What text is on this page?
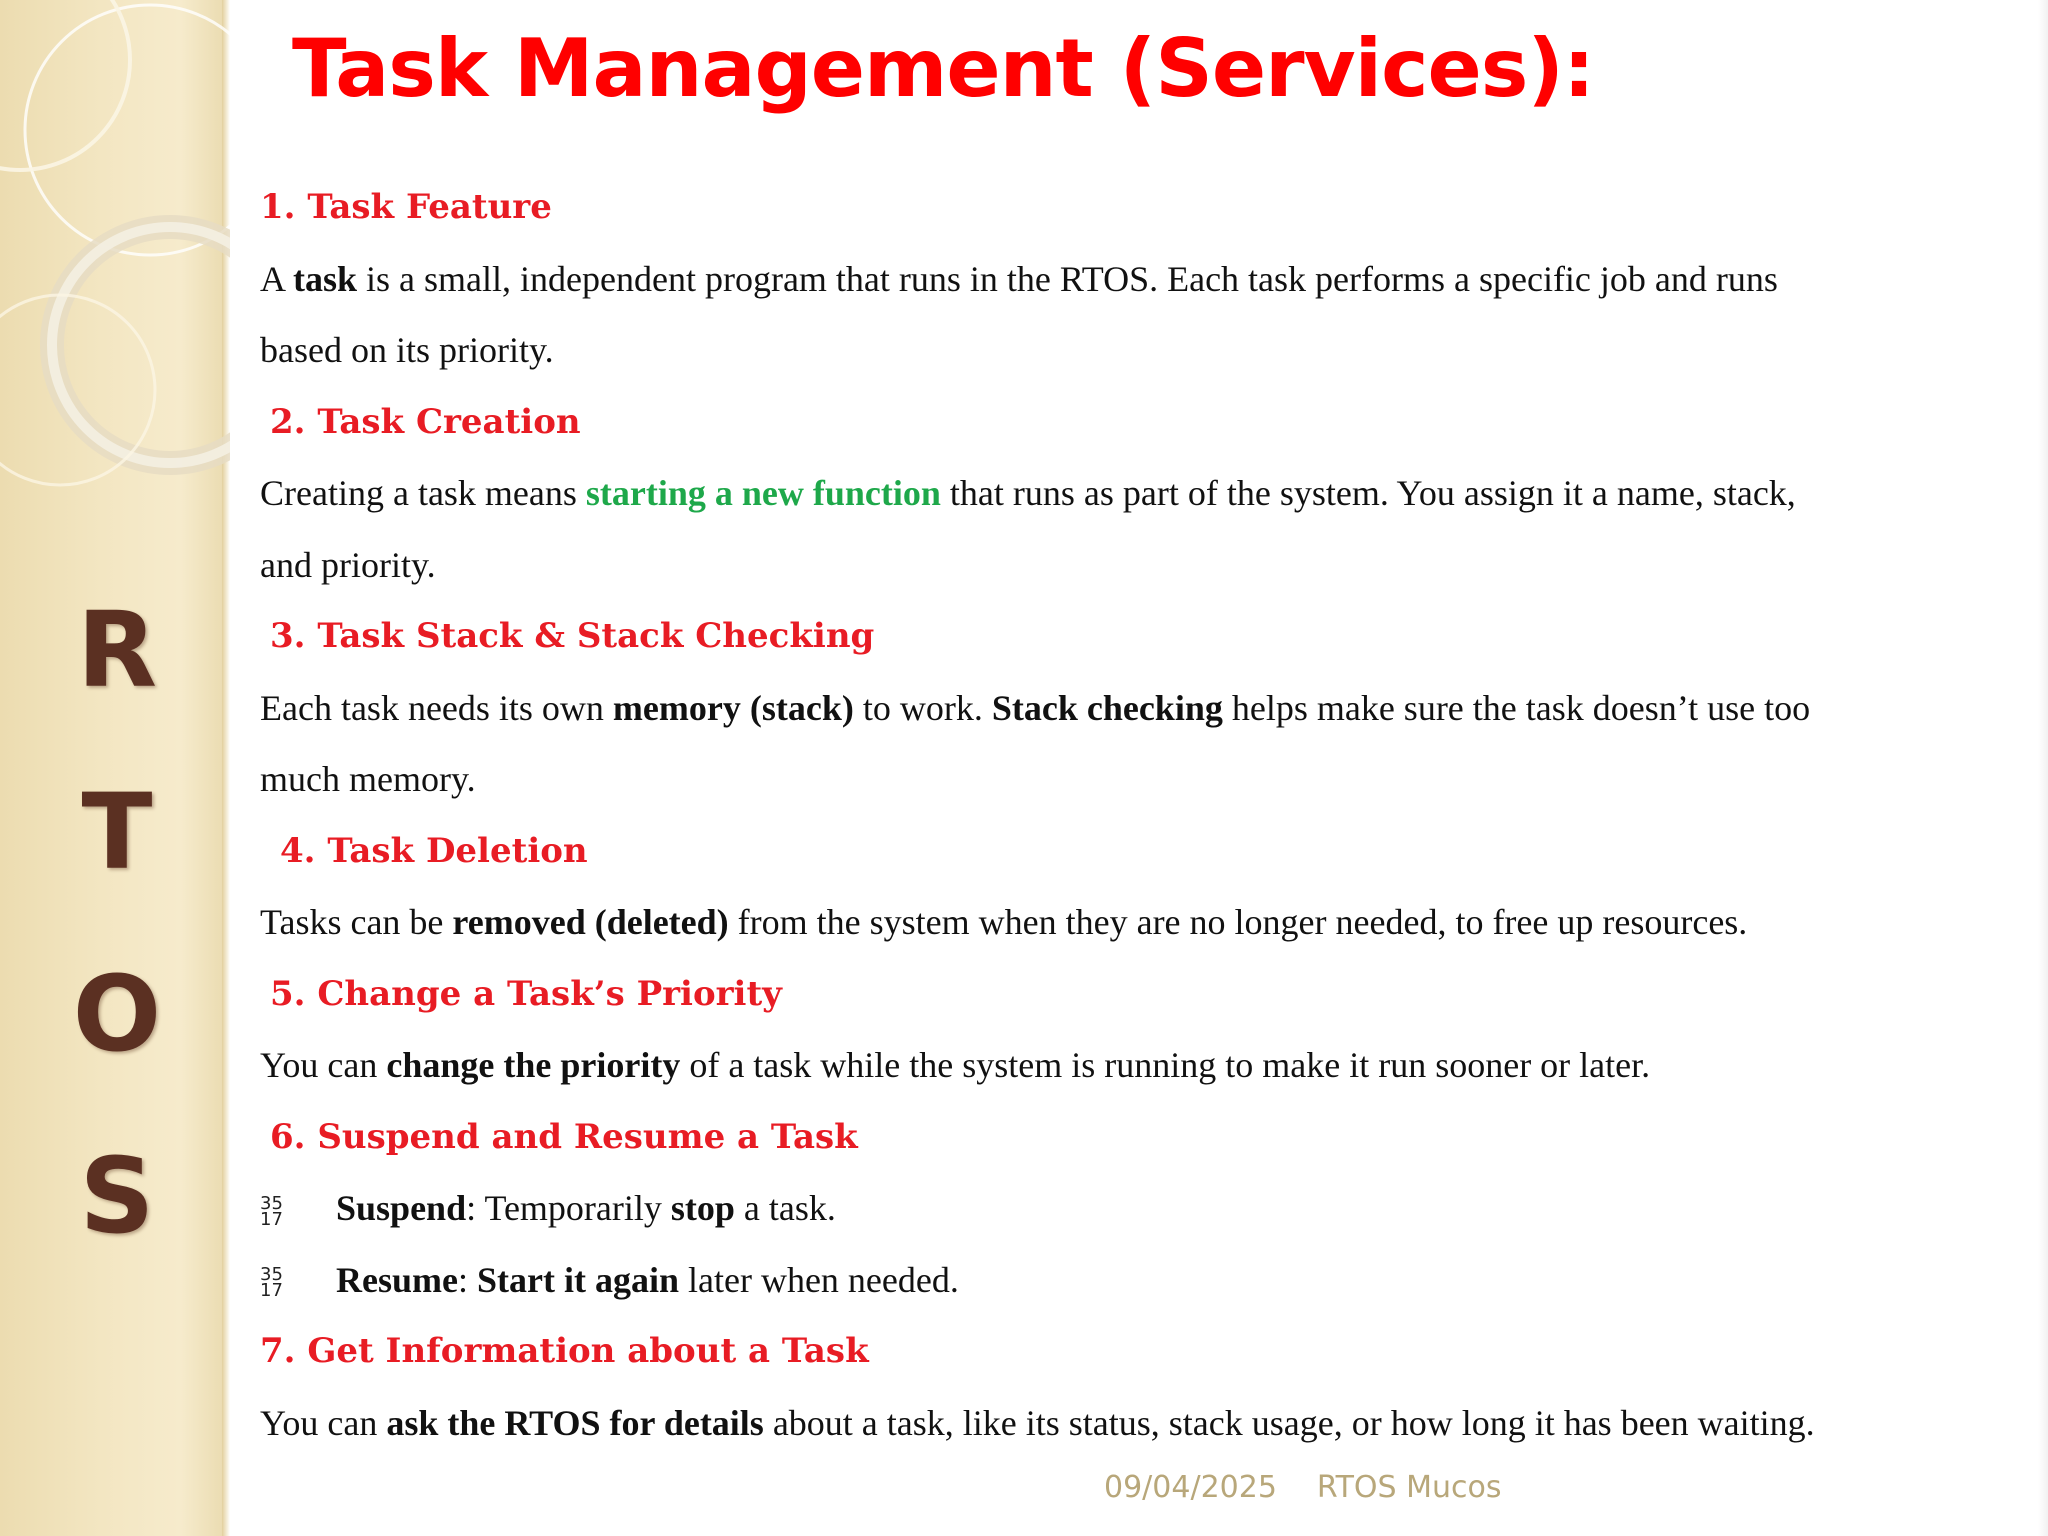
R
T
O
S
Task Management (Services):
1. Task Feature
A task is a small, independent program that runs in the RTOS. Each task performs a specific job and runs
based on its priority.
2. Task Creation
Creating a task means starting a new function that runs as part of the system. You assign it a name, stack,
and priority.
3. Task Stack & Stack Checking
Each task needs its own memory (stack) to work. Stack checking helps make sure the task doesn’t use too
much memory.
4. Task Deletion
Tasks can be removed (deleted) from the system when they are no longer needed, to free up resources.
5. Change a Task’s Priority
You can change the priority of a task while the system is running to make it run sooner or later.
6. Suspend and Resume a Task
35
17	Suspend: Temporarily stop a task.
35
17	Resume: Start it again later when needed.
7. Get Information about a Task
You can ask the RTOS for details about a task, like its status, stack usage, or how long it has been waiting.
09/04/2025 RTOS Mucos
